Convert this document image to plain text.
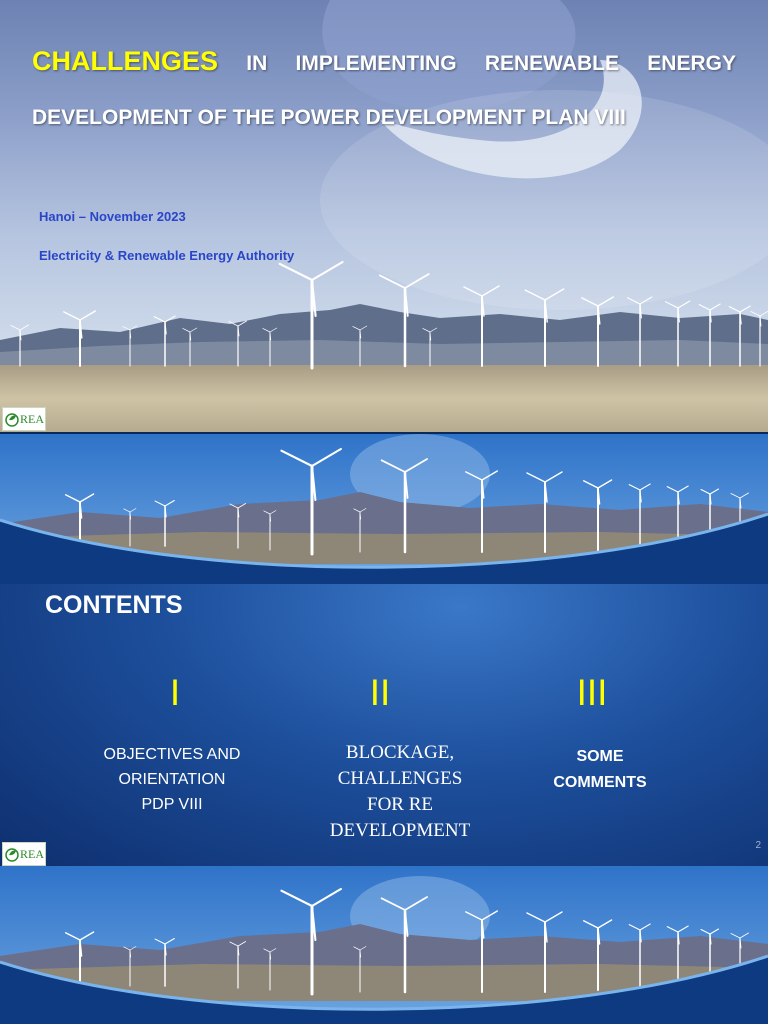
CHALLENGES IN IMPLEMENTING RENEWABLE ENERGY
DEVELOPMENT OF THE POWER DEVELOPMENT PLAN VIII
Hanoi – November 2023
Electricity & Renewable Energy Authority
REA
CONTENTS
I	II	III
OBJECTIVES AND
ORIENTATION
PDP VIII
BLOCKAGE,
CHALLENGES
FOR RE
DEVELOPMENT
SOME
COMMENTS
2
REA
